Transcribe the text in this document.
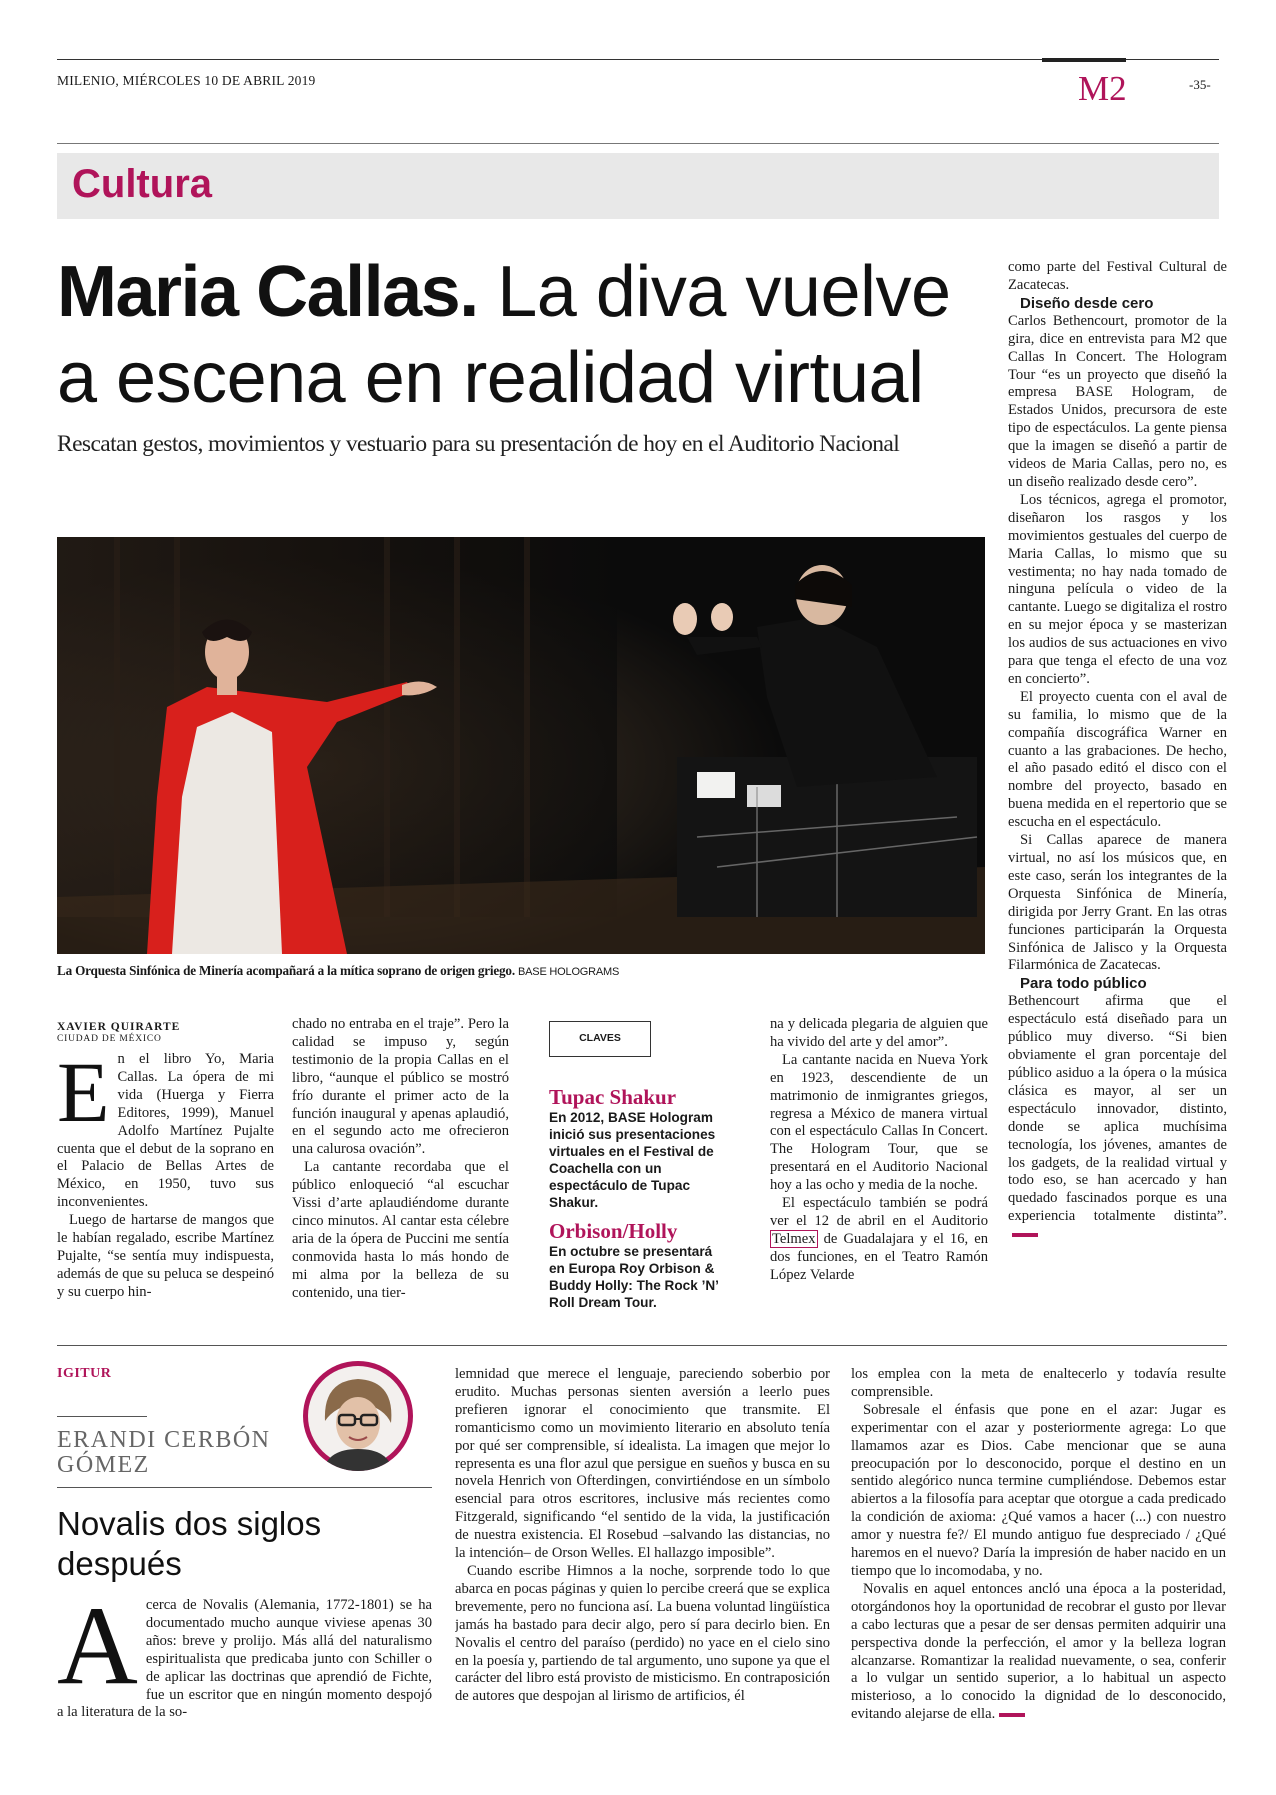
MILENIO, MIÉRCOLES 10 DE ABRIL 2019	M2	-35-
Cultura
Maria Callas. La diva vuelve
a escena en realidad virtual
Rescatan gestos, movimientos y vestuario para su presentación de hoy en el Auditorio Nacional
La Orquesta Sinfónica de Minería acompañará a la mítica soprano de origen griego. BASE HOLOGRAMS
XAVIER QUIRARTE
CIUDAD DE MÉXICO

En el libro Yo, Maria Callas. La ópera de mi vida (Huerga y Fierra Editores, 1999), Manuel Adolfo Martínez Pujalte cuenta que el debut de la soprano en el Palacio de Bellas Artes de México, en 1950, tuvo sus inconvenientes.

Luego de hartarse de mangos que le habían regalado, escribe Martínez Pujalte, “se sentía muy indispuesta, además de que su peluca se despeinó y su cuerpo hin-

chado no entraba en el traje”. Pero la calidad se impuso y, según testimonio de la propia Callas en el libro, “aunque el público se mostró frío durante el primer acto de la función inaugural y apenas aplaudió, en el segundo acto me ofrecieron una calurosa ovación”.

La cantante recordaba que el público enloqueció “al escuchar Vissi d’arte aplaudiéndome durante cinco minutos. Al cantar esta célebre aria de la ópera de Puccini me sentía conmovida hasta lo más hondo de mi alma por la belleza de su contenido, una tier-

CLAVES
Tupac Shakur
En 2012, BASE Hologram inició sus presentaciones virtuales en el Festival de Coachella con un espectáculo de Tupac Shakur.
Orbison/Holly
En octubre se presentará en Europa Roy Orbison & Buddy Holly: The Rock ’N’ Roll Dream Tour.

na y delicada plegaria de alguien que ha vivido del arte y del amor”.

La cantante nacida en Nueva York en 1923, descendiente de un matrimonio de inmigrantes griegos, regresa a México de manera virtual con el espectáculo Callas In Concert. The Hologram Tour, que se presentará en el Auditorio Nacional hoy a las ocho y media de la noche.

El espectáculo también se podrá ver el 12 de abril en el Auditorio Telmex de Guadalajara y el 16, en dos funciones, en el Teatro Ramón López Velarde

como parte del Festival Cultural de Zacatecas.

Diseño desde cero

Carlos Bethencourt, promotor de la gira, dice en entrevista para M2 que Callas In Concert. The Hologram Tour “es un proyecto que diseñó la empresa BASE Hologram, de Estados Unidos, precursora de este tipo de espectáculos. La gente piensa que la imagen se diseñó a partir de videos de Maria Callas, pero no, es un diseño realizado desde cero”.

Los técnicos, agrega el promotor, diseñaron los rasgos y los movimientos gestuales del cuerpo de Maria Callas, lo mismo que su vestimenta; no hay nada tomado de ninguna película o video de la cantante. Luego se digitaliza el rostro en su mejor época y se masterizan los audios de sus actuaciones en vivo para que tenga el efecto de una voz en concierto”.

El proyecto cuenta con el aval de su familia, lo mismo que de la compañía discográfica Warner en cuanto a las grabaciones. De hecho, el año pasado editó el disco con el nombre del proyecto, basado en buena medida en el repertorio que se escucha en el espectáculo.

Si Callas aparece de manera virtual, no así los músicos que, en este caso, serán los integrantes de la Orquesta Sinfónica de Minería, dirigida por Jerry Grant. En las otras funciones participarán la Orquesta Sinfónica de Jalisco y la Orquesta Filarmónica de Zacatecas.

Para todo público

Bethencourt afirma que el espectáculo está diseñado para un público muy diverso. “Si bien obviamente el gran porcentaje del público asiduo a la ópera o la música clásica es mayor, al ser un espectáculo innovador, distinto, donde se aplica muchísima tecnología, los jóvenes, amantes de los gadgets, de la realidad virtual y todo eso, se han acercado y han quedado fascinados porque es una experiencia totalmente distinta”.

IGITUR
ERANDI CERBÓN
GÓMEZ
Novalis dos siglos
después

Acerca de Novalis (Alemania, 1772-1801) se ha documentado mucho aunque viviese apenas 30 años: breve y prolijo. Más allá del naturalismo espiritualista que predicaba junto con Schiller o de aplicar las doctrinas que aprendió de Fichte, fue un escritor que en ningún momento despojó a la literatura de la so-

lemnidad que merece el lenguaje, pareciendo soberbio por erudito. Muchas personas sienten aversión a leerlo pues prefieren ignorar el conocimiento que transmite. El romanticismo como un movimiento literario en absoluto tenía por qué ser comprensible, sí idealista. La imagen que mejor lo representa es una flor azul que persigue en sueños y busca en su novela Henrich von Ofterdingen, convirtiéndose en un símbolo esencial para otros escritores, inclusive más recientes como Fitzgerald, significando “el sentido de la vida, la justificación de nuestra existencia. El Rosebud –salvando las distancias, no la intención– de Orson Welles. El hallazgo imposible”.

Cuando escribe Himnos a la noche, sorprende todo lo que abarca en pocas páginas y quien lo percibe creerá que se explica brevemente, pero no funciona así. La buena voluntad lingüística jamás ha bastado para decir algo, pero sí para decirlo bien. En Novalis el centro del paraíso (perdido) no yace en el cielo sino en la poesía y, partiendo de tal argumento, uno supone ya que el carácter del libro está provisto de misticismo. En contraposición de autores que despojan al lirismo de artificios, él

los emplea con la meta de enaltecerlo y todavía resulte comprensible.

Sobresale el énfasis que pone en el azar: Jugar es experimentar con el azar y posteriormente agrega: Lo que llamamos azar es Dios. Cabe mencionar que se auna preocupación por lo desconocido, porque el destino en un sentido alegórico nunca termine cumpliéndose. Debemos estar abiertos a la filosofía para aceptar que otorgue a cada predicado la condición de axioma: ¿Qué vamos a hacer (...) con nuestro amor y nuestra fe?/ El mundo antiguo fue despreciado / ¿Qué haremos en el nuevo? Daría la impresión de haber nacido en un tiempo que lo incomodaba, y no.

Novalis en aquel entonces ancló una época a la posteridad, otorgándonos hoy la oportunidad de recobrar el gusto por llevar a cabo lecturas que a pesar de ser densas permiten adquirir una perspectiva donde la perfección, el amor y la belleza logran alcanzarse. Romantizar la realidad nuevamente, o sea, conferir a lo vulgar un sentido superior, a lo habitual un aspecto misterioso, a lo conocido la dignidad de lo desconocido, evitando alejarse de ella.
